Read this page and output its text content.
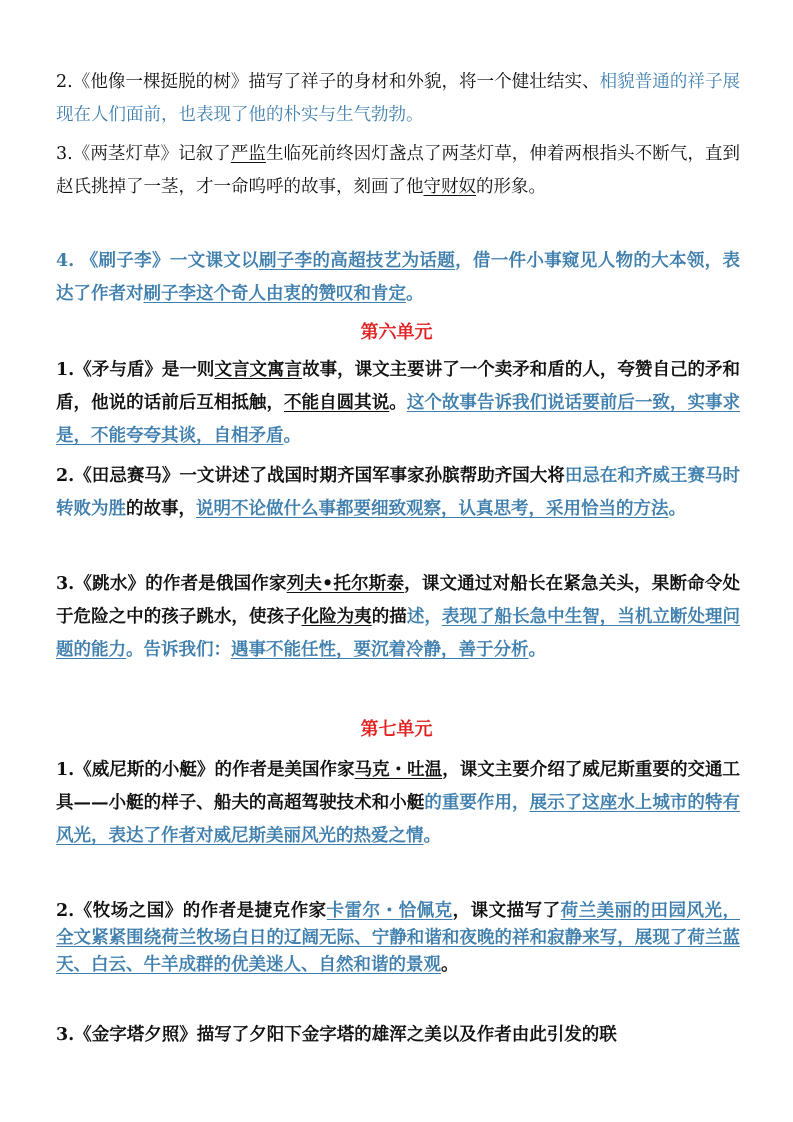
2.《他像一棵挺脱的树》描写了祥子的身材和外貌，将一个健壮结实、相貌普通的祥子展现在人们面前，也表现了他的朴实与生气勃勃。
3.《两茎灯草》记叙了严监生临死前终因灯盏点了两茎灯草，伸着两根指头不断气，直到赵氏挑掉了一茎，才一命呜呼的故事，刻画了他守财奴的形象。
4. 《刷子李》一文课文以刷子李的高超技艺为话题，借一件小事窥见人物的大本领，表达了作者对刷子李这个奇人由衷的赞叹和肯定。
第六单元
1.《矛与盾》是一则文言文寓言故事，课文主要讲了一个卖矛和盾的人，夸赞自己的矛和盾，他说的话前后互相抵触，不能自圆其说。这个故事告诉我们说话要前后一致，实事求是，不能夸夸其谈，自相矛盾。
2.《田忌赛马》一文讲述了战国时期齐国军事家孙膑帮助齐国大将田忌在和齐威王赛马时转败为胜的故事，说明不论做什么事都要细致观察，认真思考，采用恰当的方法。
3.《跳水》的作者是俄国作家列夫•托尔斯泰，课文通过对船长在紧急关头，果断命令处于危险之中的孩子跳水，使孩子化险为夷的描述，表现了船长急中生智，当机立断处理问题的能力。告诉我们：遇事不能任性，要沉着冷静，善于分析。
第七单元
1.《威尼斯的小艇》的作者是美国作家马克・吐温，课文主要介绍了威尼斯重要的交通工具——小艇的样子、船夫的高超驾驶技术和小艇的重要作用，展示了这座水上城市的特有风光，表达了作者对威尼斯美丽风光的热爱之情。
2.《牧场之国》的作者是捷克作家卡雷尔・恰佩克，课文描写了荷兰美丽的田园风光， 全文紧紧围绕荷兰牧场白日的辽阔无际、宁静和谐和夜晚的祥和寂静来写，展现了荷兰蓝天、白云、牛羊成群的优美迷人、自然和谐的景观。
3.《金字塔夕照》描写了夕阳下金字塔的雄浑之美以及作者由此引发的联
